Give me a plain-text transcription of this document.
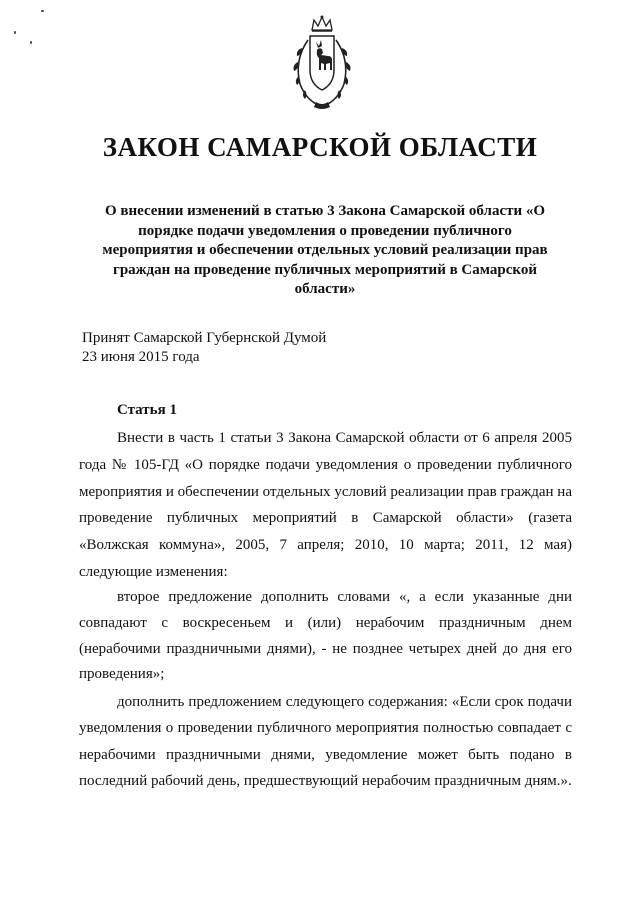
ЗАКОН САМАРСКОЙ ОБЛАСТИ
О внесении изменений в статью 3 Закона Самарской области «О порядке подачи уведомления о проведении публичного мероприятия и обеспечении отдельных условий реализации прав граждан на проведение публичных мероприятий в Самарской области»
Принят Самарской Губернской Думой
23 июня 2015 года
Статья 1

Внести в часть 1 статьи 3 Закона Самарской области от 6 апреля 2005 года № 105-ГД «О порядке подачи уведомления о проведении публичного мероприятия и обеспечении отдельных условий реализации прав граждан на проведение публичных мероприятий в Самарской области» (газета «Волжская коммуна», 2005, 7 апреля; 2010, 10 марта; 2011, 12 мая) следующие изменения:

второе предложение дополнить словами «, а если указанные дни совпадают с воскресеньем и (или) нерабочим праздничным днем (нерабочими праздничными днями), - не позднее четырех дней до дня его проведения»;

дополнить предложением следующего содержания: «Если срок подачи уведомления о проведении публичного мероприятия полностью совпадает с нерабочими праздничными днями, уведомление может быть подано в последний рабочий день, предшествующий нерабочим праздничным дням.».
